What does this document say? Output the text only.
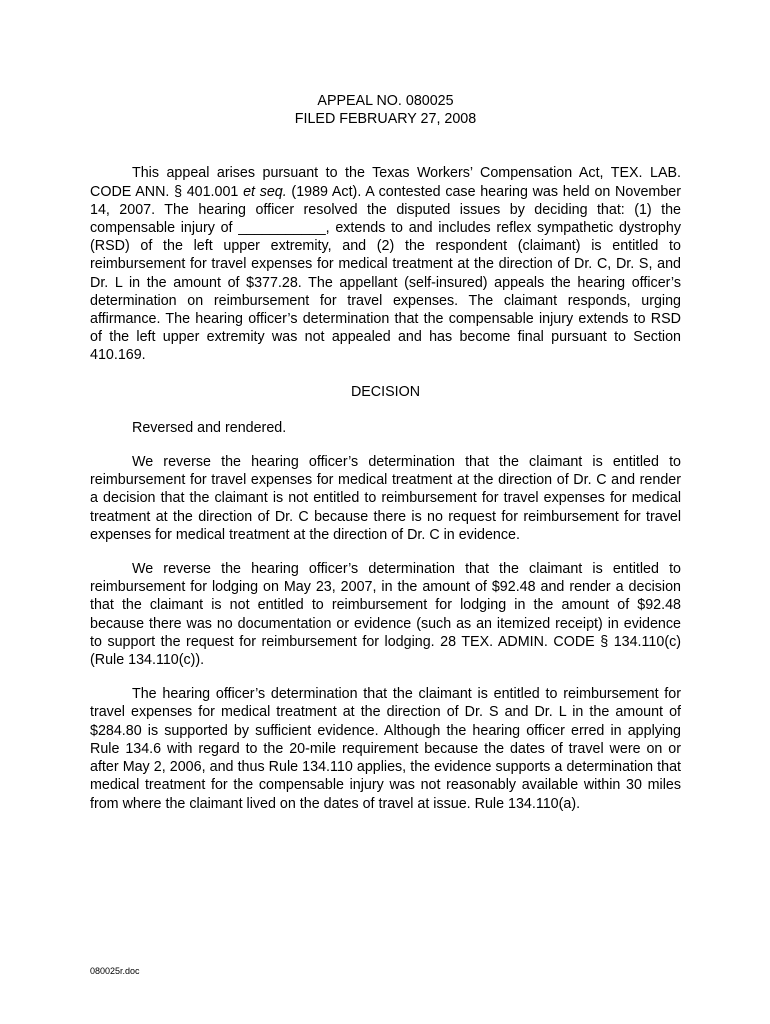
APPEAL NO. 080025

FILED FEBRUARY 27, 2008

This appeal arises pursuant to the Texas Workers’ Compensation Act, TEX. LAB. CODE ANN. § 401.001 et seq. (1989 Act). A contested case hearing was held on November 14, 2007. The hearing officer resolved the disputed issues by deciding that: (1) the compensable injury of ___________, extends to and includes reflex sympathetic dystrophy (RSD) of the left upper extremity, and (2) the respondent (claimant) is entitled to reimbursement for travel expenses for medical treatment at the direction of Dr. C, Dr. S, and Dr. L in the amount of $377.28. The appellant (self-insured) appeals the hearing officer’s determination on reimbursement for travel expenses. The claimant responds, urging affirmance. The hearing officer’s determination that the compensable injury extends to RSD of the left upper extremity was not appealed and has become final pursuant to Section 410.169.

DECISION

Reversed and rendered.

We reverse the hearing officer’s determination that the claimant is entitled to reimbursement for travel expenses for medical treatment at the direction of Dr. C and render a decision that the claimant is not entitled to reimbursement for travel expenses for medical treatment at the direction of Dr. C because there is no request for reimbursement for travel expenses for medical treatment at the direction of Dr. C in evidence.

We reverse the hearing officer’s determination that the claimant is entitled to reimbursement for lodging on May 23, 2007, in the amount of $92.48 and render a decision that the claimant is not entitled to reimbursement for lodging in the amount of $92.48 because there was no documentation or evidence (such as an itemized receipt) in evidence to support the request for reimbursement for lodging. 28 TEX. ADMIN. CODE § 134.110(c) (Rule 134.110(c)).

The hearing officer’s determination that the claimant is entitled to reimbursement for travel expenses for medical treatment at the direction of Dr. S and Dr. L in the amount of $284.80 is supported by sufficient evidence. Although the hearing officer erred in applying Rule 134.6 with regard to the 20-mile requirement because the dates of travel were on or after May 2, 2006, and thus Rule 134.110 applies, the evidence supports a determination that medical treatment for the compensable injury was not reasonably available within 30 miles from where the claimant lived on the dates of travel at issue. Rule 134.110(a).

080025r.doc
